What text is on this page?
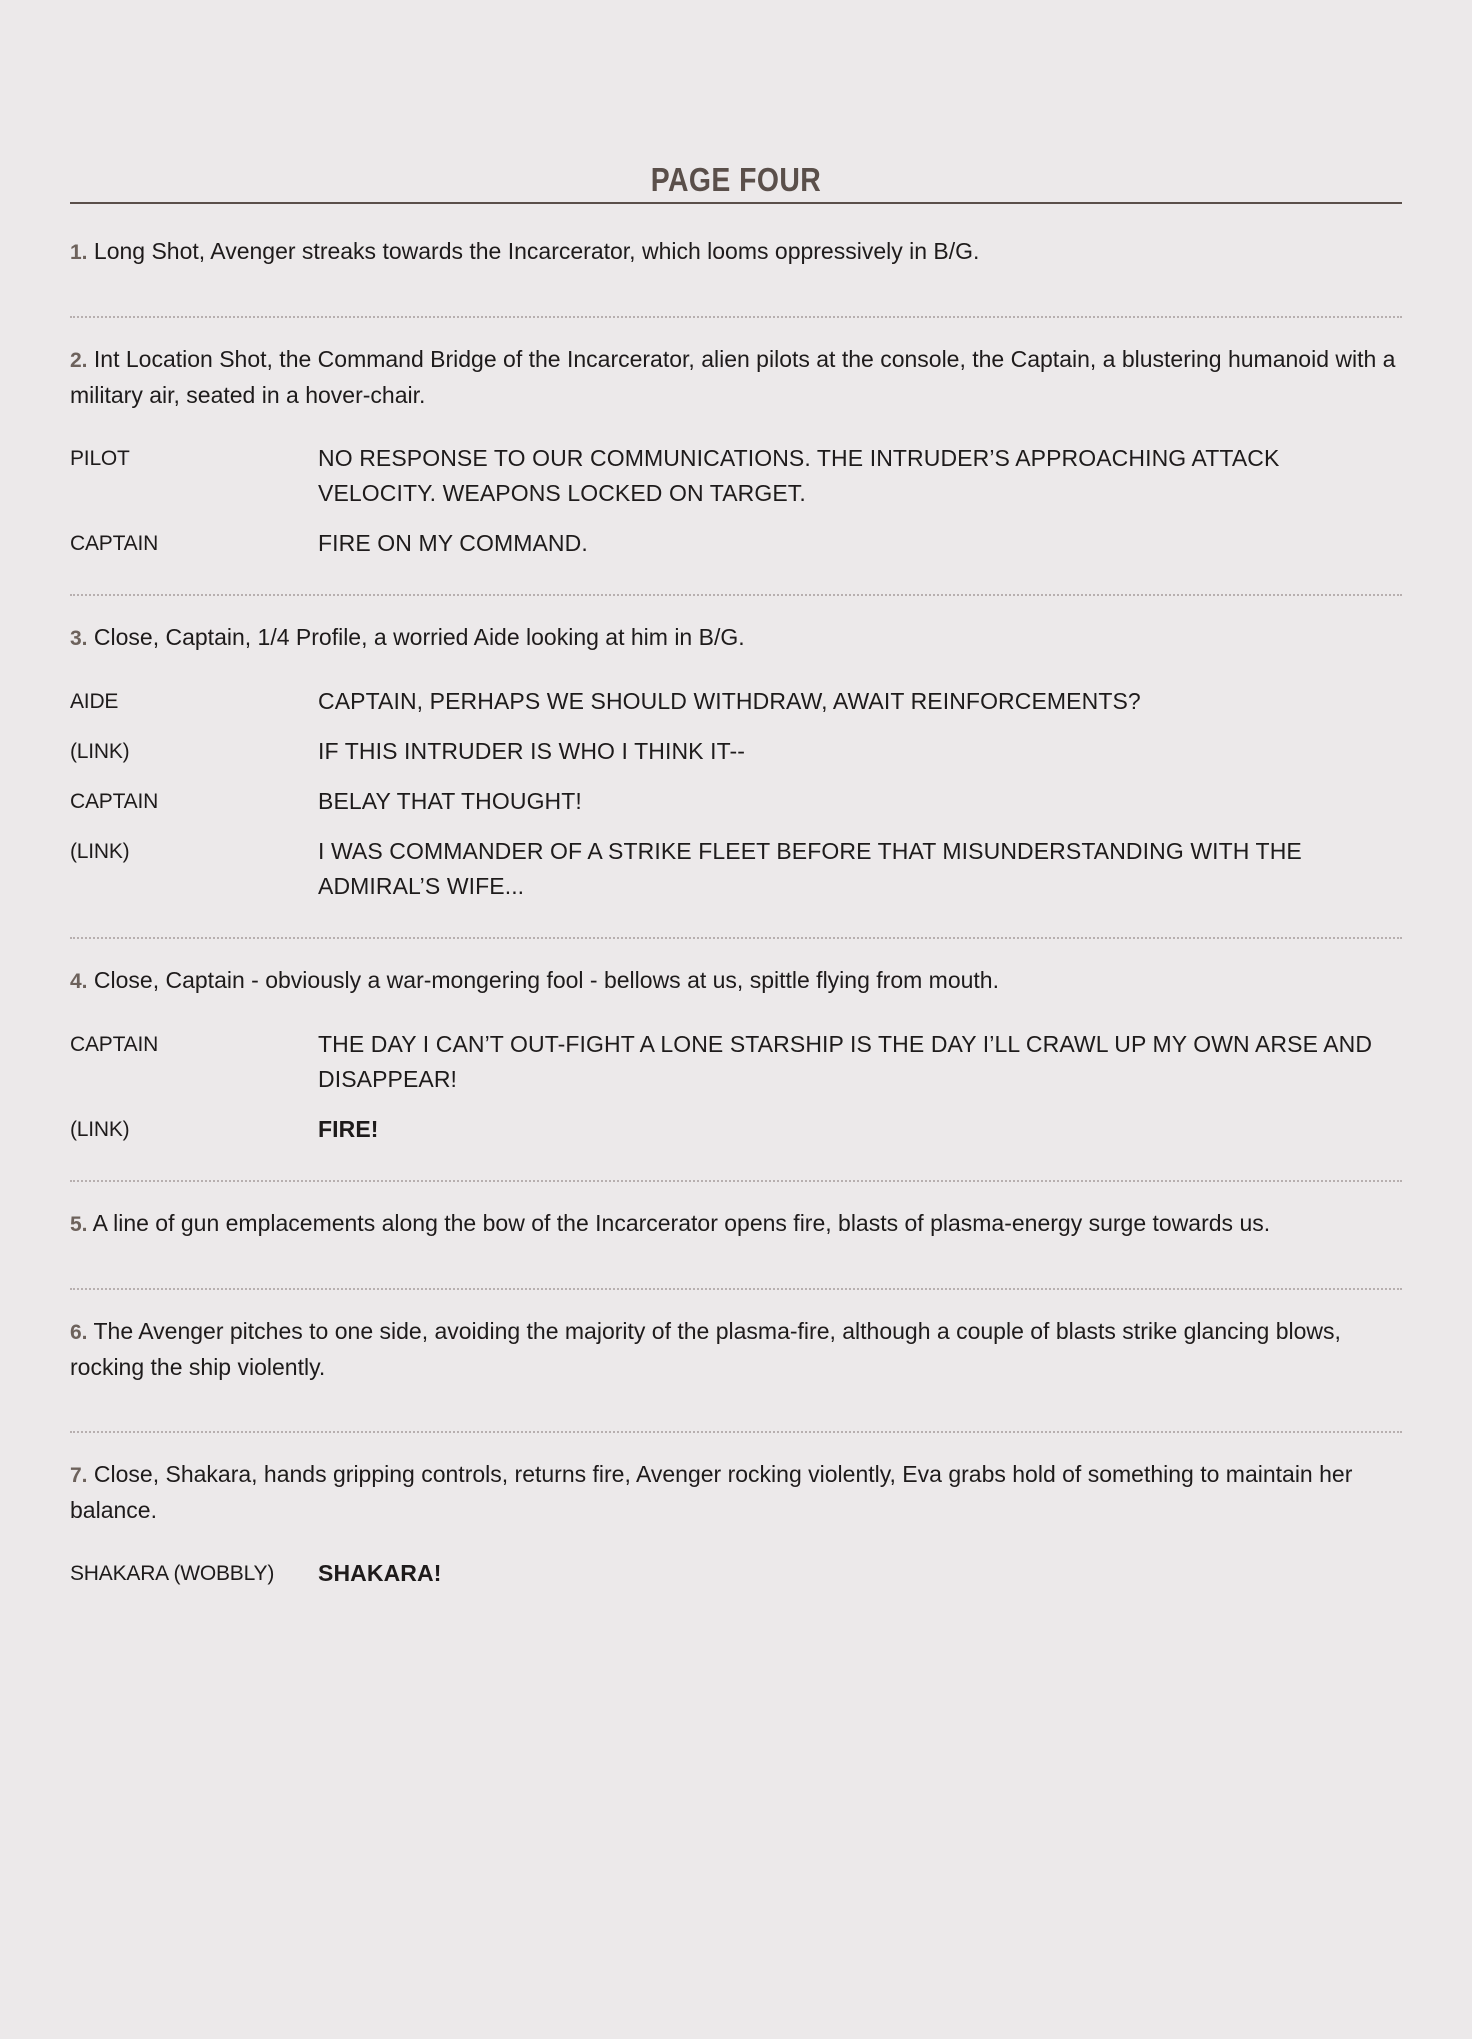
PAGE FOUR

1. Long Shot, Avenger streaks towards the Incarcerator, which looms oppressively in B/G.

2. Int Location Shot, the Command Bridge of the Incarcerator, alien pilots at the console, the Captain, a blustering humanoid with a military air, seated in a hover-chair.

PILOT	NO RESPONSE TO OUR COMMUNICATIONS. THE INTRUDER’S APPROACHING ATTACK VELOCITY. WEAPONS LOCKED ON TARGET.
CAPTAIN	FIRE ON MY COMMAND.

3. Close, Captain, 1/4 Profile, a worried Aide looking at him in B/G.

AIDE	CAPTAIN, PERHAPS WE SHOULD WITHDRAW, AWAIT REINFORCEMENTS?
(LINK)	IF THIS INTRUDER IS WHO I THINK IT--
CAPTAIN	BELAY THAT THOUGHT!
(LINK)	I WAS COMMANDER OF A STRIKE FLEET BEFORE THAT MISUNDERSTANDING WITH THE ADMIRAL’S WIFE...

4. Close, Captain - obviously a war-mongering fool - bellows at us, spittle flying from mouth.

CAPTAIN	THE DAY I CAN’T OUT-FIGHT A LONE STARSHIP IS THE DAY I’LL CRAWL UP MY OWN ARSE AND DISAPPEAR!
(LINK)	FIRE!

5. A line of gun emplacements along the bow of the Incarcerator opens fire, blasts of plasma-energy surge towards us.

6. The Avenger pitches to one side, avoiding the majority of the plasma-fire, although a couple of blasts strike glancing blows, rocking the ship violently.

7. Close, Shakara, hands gripping controls, returns fire, Avenger rocking violently, Eva grabs hold of something to maintain her balance.

SHAKARA (WOBBLY)	SHAKARA!
